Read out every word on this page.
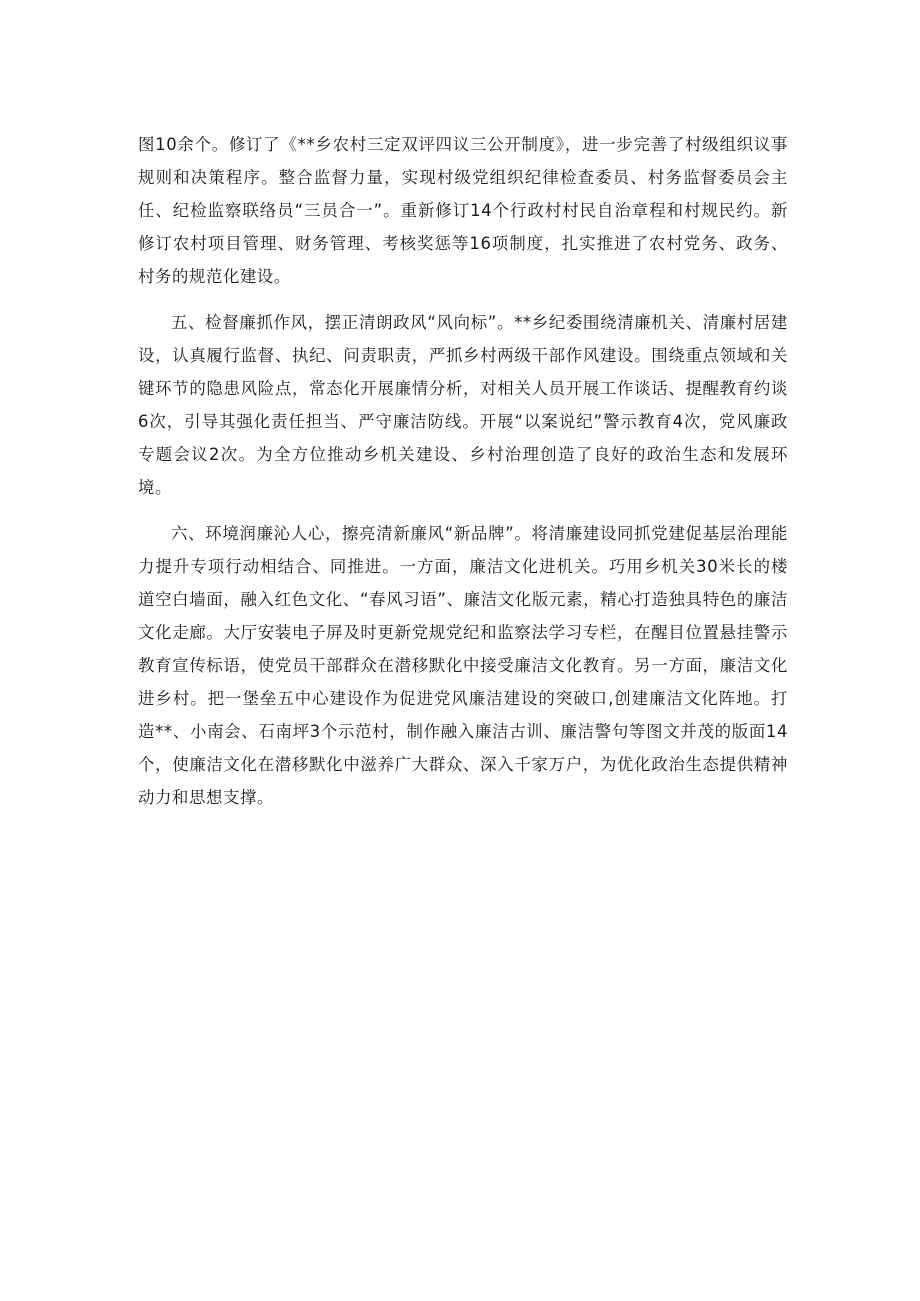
图10余个。修订了《**乡农村三定双评四议三公开制度》，进一步完善了村级组织议事规则和决策程序。整合监督力量，实现村级党组织纪律检查委员、村务监督委员会主任、纪检监察联络员“三员合一”。重新修订14个行政村村民自治章程和村规民约。新修订农村项目管理、财务管理、考核奖惩等16项制度，扎实推进了农村党务、政务、村务的规范化建设。

五、检督廉抓作风，摆正清朗政风“风向标”。**乡纪委围绕清廉机关、清廉村居建设，认真履行监督、执纪、问责职责，严抓乡村两级干部作风建设。围绕重点领域和关键环节的隐患风险点，常态化开展廉情分析，对相关人员开展工作谈话、提醒教育约谈6次，引导其强化责任担当、严守廉洁防线。开展“以案说纪”警示教育4次，党风廉政专题会议2次。为全方位推动乡机关建设、乡村治理创造了良好的政治生态和发展环境。

六、环境润廉沁人心，擦亮清新廉风“新品牌”。将清廉建设同抓党建促基层治理能力提升专项行动相结合、同推进。一方面，廉洁文化进机关。巧用乡机关30米长的楼道空白墙面，融入红色文化、“春风习语”、廉洁文化版元素，精心打造独具特色的廉洁文化走廊。大厅安装电子屏及时更新党规党纪和监察法学习专栏，在醒目位置悬挂警示教育宣传标语，使党员干部群众在潜移默化中接受廉洁文化教育。另一方面，廉洁文化进乡村。把一堡垒五中心建设作为促进党风廉洁建设的突破口,创建廉洁文化阵地。打造**、小南会、石南坪3个示范村，制作融入廉洁古训、廉洁警句等图文并茂的版面14个，使廉洁文化在潜移默化中滋养广大群众、深入千家万户，为优化政治生态提供精神动力和思想支撑。
